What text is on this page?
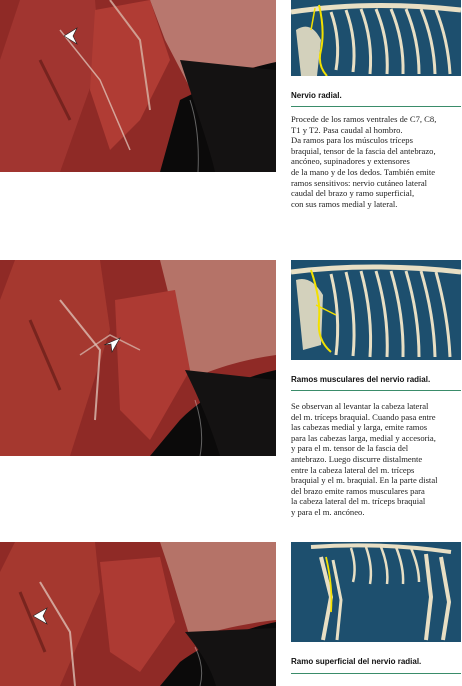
Nervio radial.

Procede de los ramos ventrales de C7, C8,
T1 y T2. Pasa caudal al hombro.
Da ramos para los músculos tríceps
braquial, tensor de la fascia del antebrazo,
ancóneo, supinadores y extensores
de la mano y de los dedos. También emite
ramos sensitivos: nervio cutáneo lateral
caudal del brazo y ramo superficial,
con sus ramos medial y lateral.

Ramos musculares del nervio radial.

Se observan al levantar la cabeza lateral
del m. tríceps braquial. Cuando pasa entre
las cabezas medial y larga, emite ramos
para las cabezas larga, medial y accesoria,
y para el m. tensor de la fascia del
antebrazo. Luego discurre distalmente
entre la cabeza lateral del m. tríceps
braquial y el m. braquial. En la parte distal
del brazo emite ramos musculares para
la cabeza lateral del m. tríceps braquial
y para el m. ancóneo.

Ramo superficial del nervio radial.
